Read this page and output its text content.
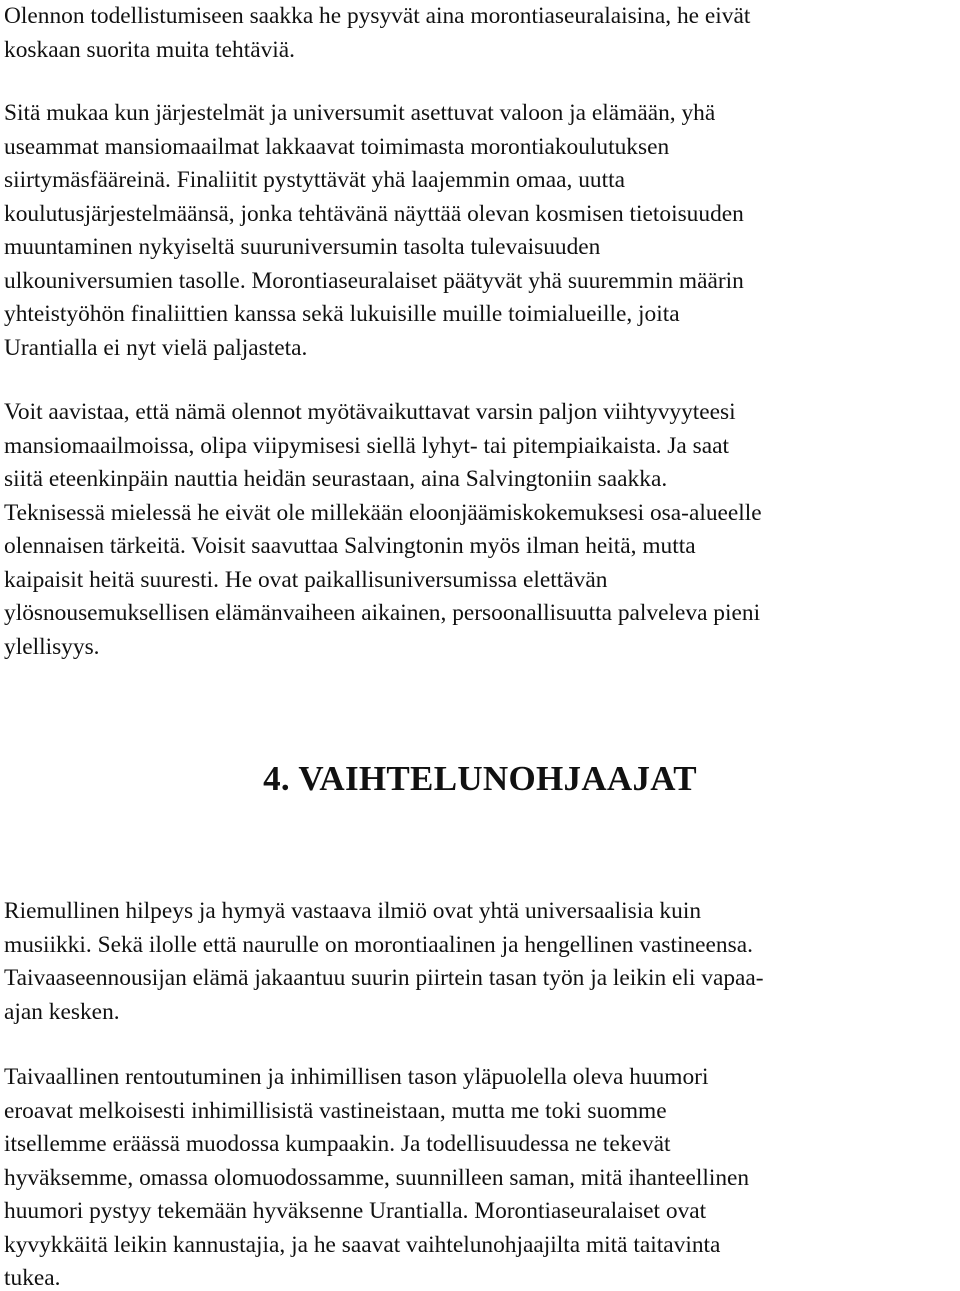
Olennon todellistumiseen saakka he pysyvät aina morontiaseuralaisina, he eivät
koskaan suorita muita tehtäviä.

Sitä mukaa kun järjestelmät ja universumit asettuvat valoon ja elämään, yhä
useammat mansiomaailmat lakkaavat toimimasta morontiakoulutuksen
siirtymäsfääreinä. Finaliitit pystyttävät yhä laajemmin omaa, uutta
koulutusjärjestelmäänsä, jonka tehtävänä näyttää olevan kosmisen tietoisuuden
muuntaminen nykyiseltä suuruniversumin tasolta tulevaisuuden
ulkouniversumien tasolle. Morontiaseuralaiset päätyvät yhä suuremmin määrin
yhteistyöhön finaliittien kanssa sekä lukuisille muille toimialueille, joita
Urantialla ei nyt vielä paljasteta.

Voit aavistaa, että nämä olennot myötävaikuttavat varsin paljon viihtyvyyteesi
mansiomaailmoissa, olipa viipymisesi siellä lyhyt- tai pitempiaikaista. Ja saat
siitä eteenkinpäin nauttia heidän seurastaan, aina Salvingtoniin saakka.
Teknisessä mielessä he eivät ole millekään eloonjäämiskokemuksesi osa-alueelle
olennaisen tärkeitä. Voisit saavuttaa Salvingtonin myös ilman heitä, mutta
kaipaisit heitä suuresti. He ovat paikallisuniversumissa elettävän
ylösnousemuksellisen elämänvaiheen aikainen, persoonallisuutta palveleva pieni
ylellisyys.

4. VAIHTELUNOHJAAJAT

Riemullinen hilpeys ja hymyä vastaava ilmiö ovat yhtä universaalisia kuin
musiikki. Sekä ilolle että naurulle on morontiaalinen ja hengellinen vastineensa.
Taivaaseennousijan elämä jakaantuu suurin piirtein tasan työn ja leikin eli vapaa-
ajan kesken.

Taivaallinen rentoutuminen ja inhimillisen tason yläpuolella oleva huumori
eroavat melkoisesti inhimillisistä vastineistaan, mutta me toki suomme
itsellemme eräässä muodossa kumpaakin. Ja todellisuudessa ne tekevät
hyväksemme, omassa olomuodossamme, suunnilleen saman, mitä ihanteellinen
huumori pystyy tekemään hyväksenne Urantialla. Morontiaseuralaiset ovat
kyvykkäitä leikin kannustajia, ja he saavat vaihtelunohjaajilta mitä taitavinta
tukea.
